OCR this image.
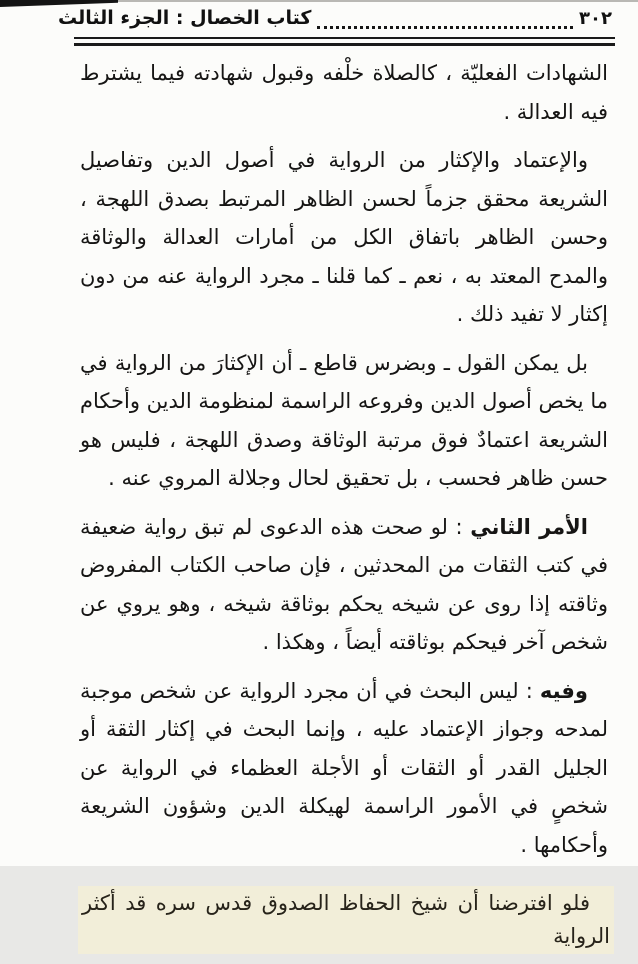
كتاب الخصال : الجزء الثالث	٣٠٢

الشهادات الفعليّة ، كالصلاة خلْفه وقبول شهادته فيما يشترط فيه العدالة .

والإعتماد والإكثار من الرواية في أصول الدين وتفاصيل الشريعة محقق جزماً لحسن الظاهر المرتبط بصدق اللهجة ، وحسن الظاهر باتفاق الكل من أمارات العدالة والوثاقة والمدح المعتد به ، نعم ـ كما قلنا ـ مجرد الرواية عنه من دون إكثار لا تفيد ذلك .

بل يمكن القول ـ وبضرس قاطع ـ أن الإكثارَ من الرواية في ما يخص أصول الدين وفروعه الراسمة لمنظومة الدين وأحكام الشريعة اعتمادٌ فوق مرتبة الوثاقة وصدق اللهجة ، فليس هو حسن ظاهر فحسب ، بل تحقيق لحال وجلالة المروي عنه .

الأمر الثاني : لو صحت هذه الدعوى لم تبق رواية ضعيفة في كتب الثقات من المحدثين ، فإن صاحب الكتاب المفروض وثاقته إذا روى عن شيخه يحكم بوثاقة شيخه ، وهو يروي عن شخص آخر فيحكم بوثاقته أيضاً ، وهكذا .

وفيه : ليس البحث في أن مجرد الرواية عن شخص موجبة لمدحه وجواز الإعتماد عليه ، وإنما البحث في إكثار الثقة أو الجليل القدر أو الثقات أو الأجلة العظماء في الرواية عن شخصٍ في الأمور الراسمة لهيكلة الدين وشؤون الشريعة وأحكامها .

فلو افترضنا أن شيخ الحفاظ الصدوق قدس سره قد أكثر الرواية
